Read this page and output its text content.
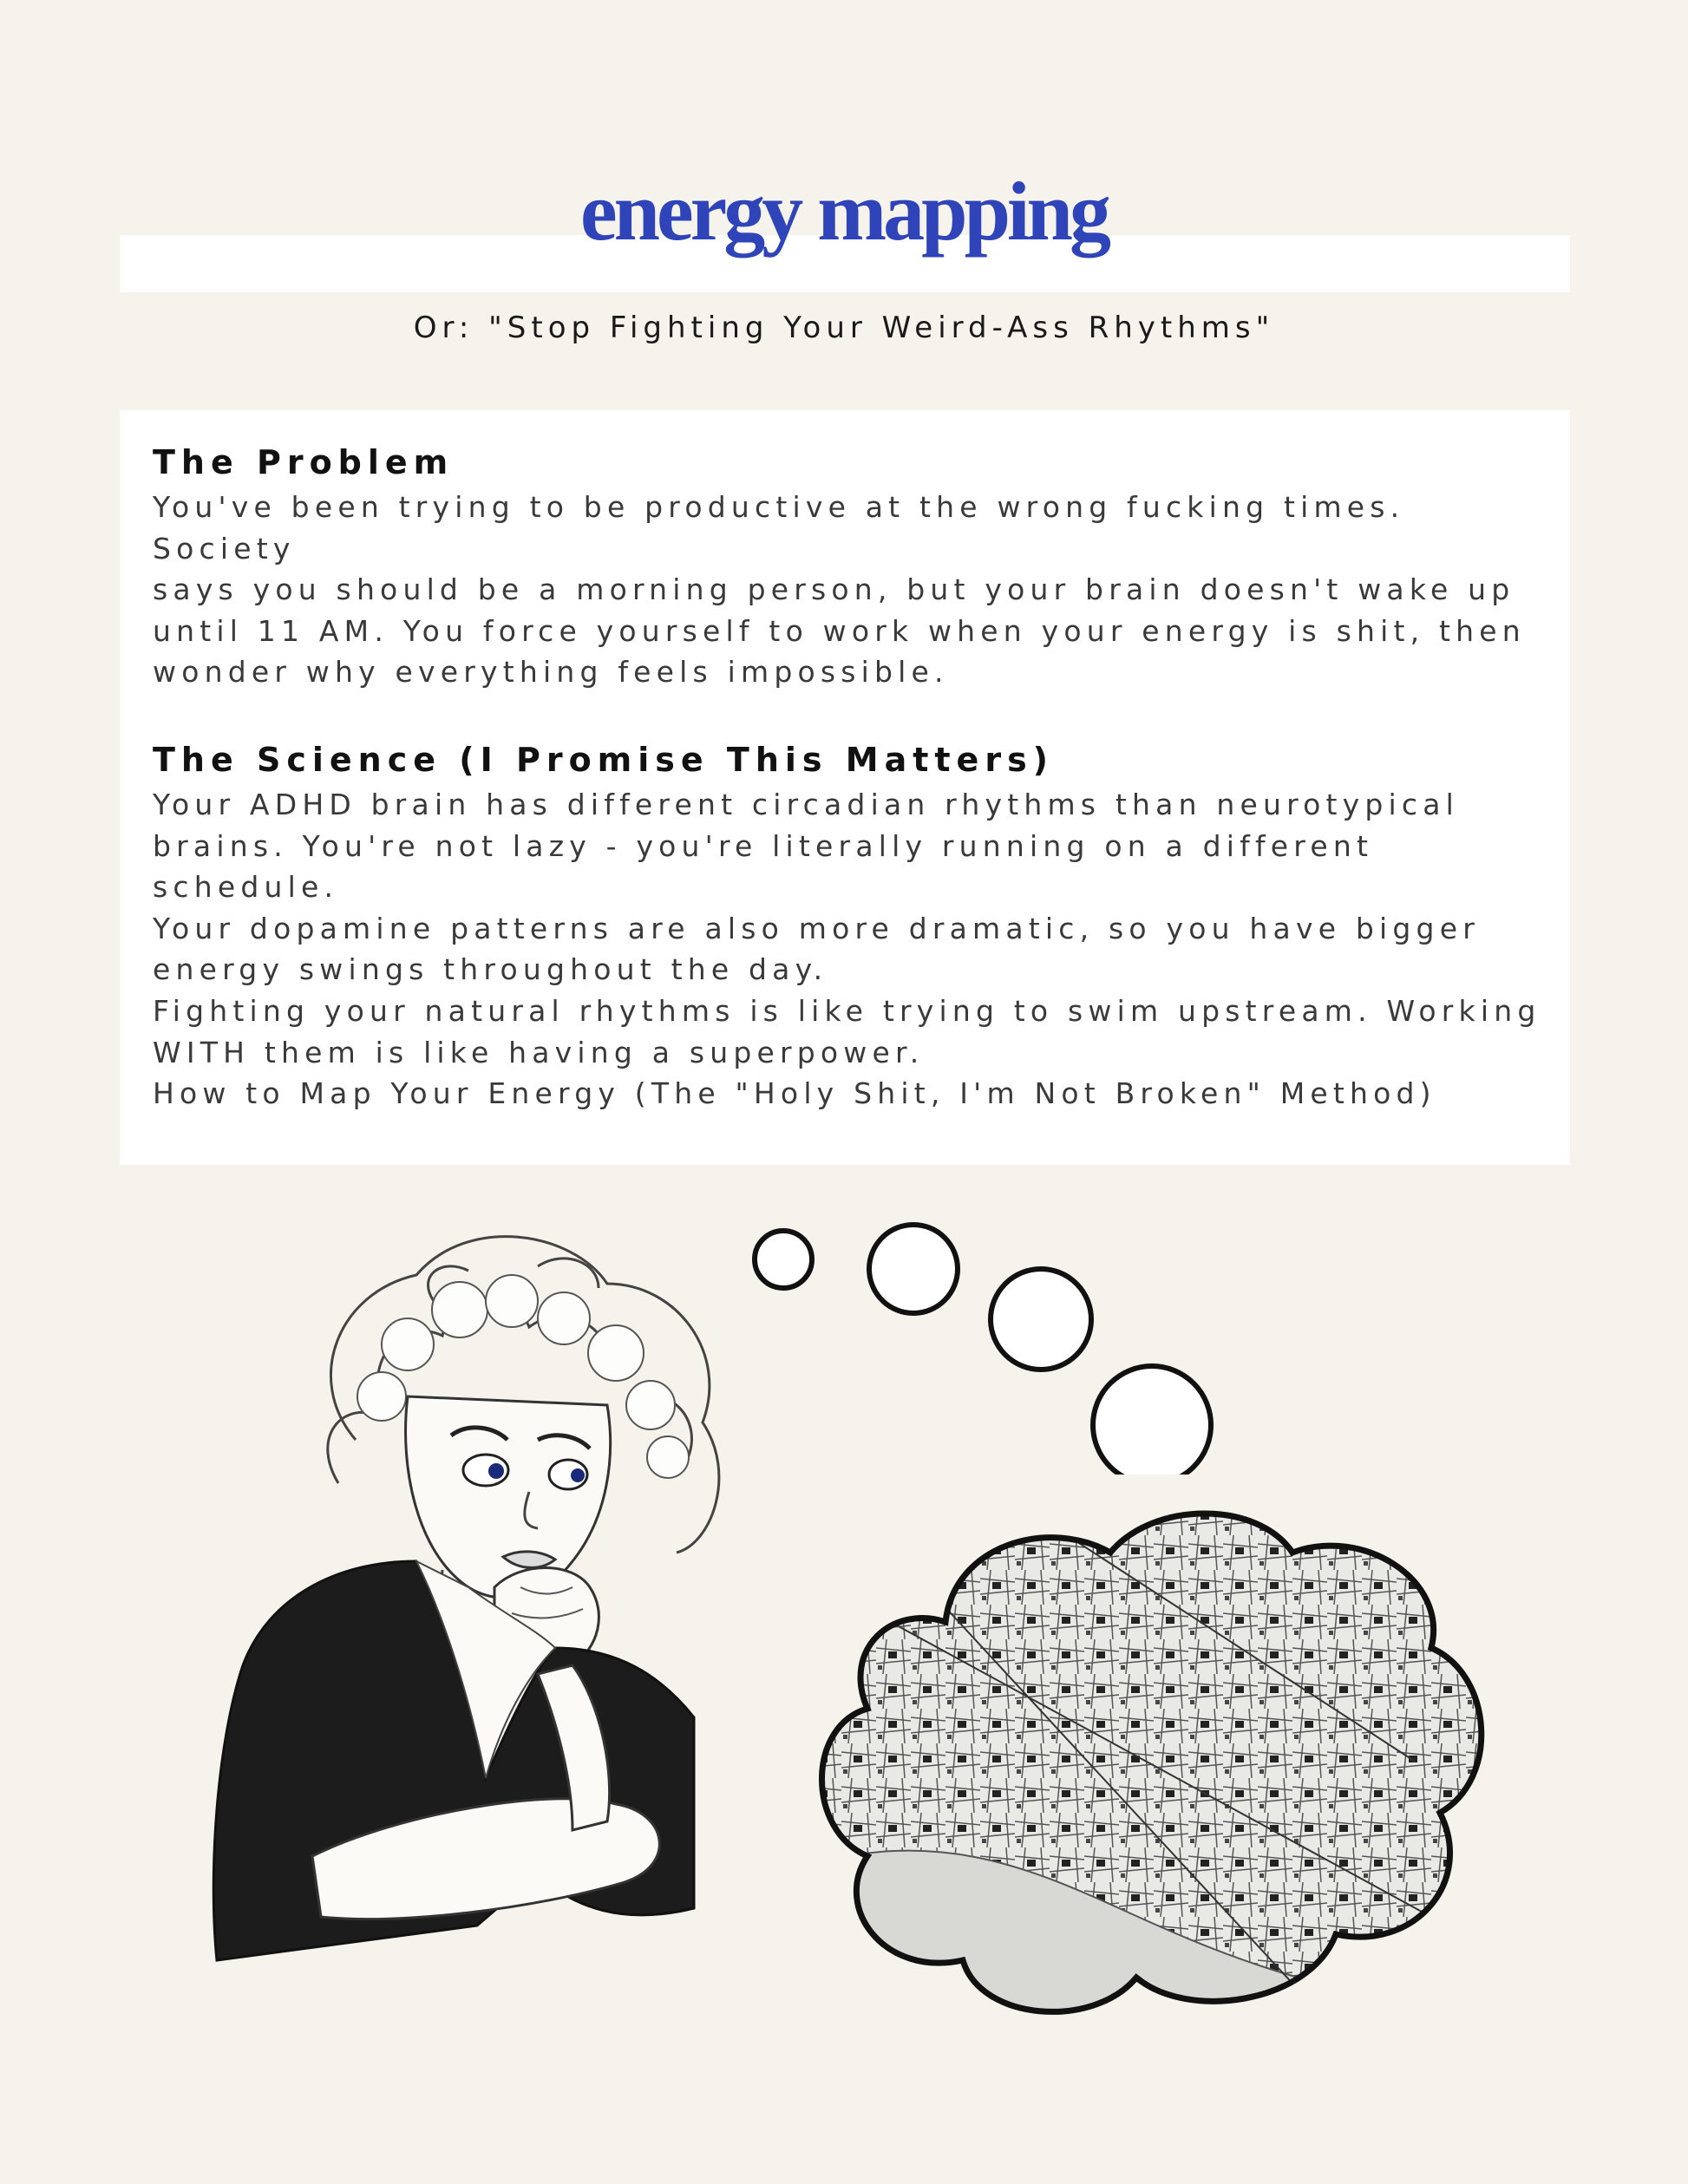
energy mapping
Or: "Stop Fighting Your Weird-Ass Rhythms"
The Problem
You've been trying to be productive at the wrong fucking times. Society
says you should be a morning person, but your brain doesn't wake up
until 11 AM. You force yourself to work when your energy is shit, then
wonder why everything feels impossible.
The Science (I Promise This Matters)
Your ADHD brain has different circadian rhythms than neurotypical
brains. You're not lazy - you're literally running on a different schedule.
Your dopamine patterns are also more dramatic, so you have bigger
energy swings throughout the day.
Fighting your natural rhythms is like trying to swim upstream. Working
WITH them is like having a superpower.
How to Map Your Energy (The "Holy Shit, I'm Not Broken" Method)
